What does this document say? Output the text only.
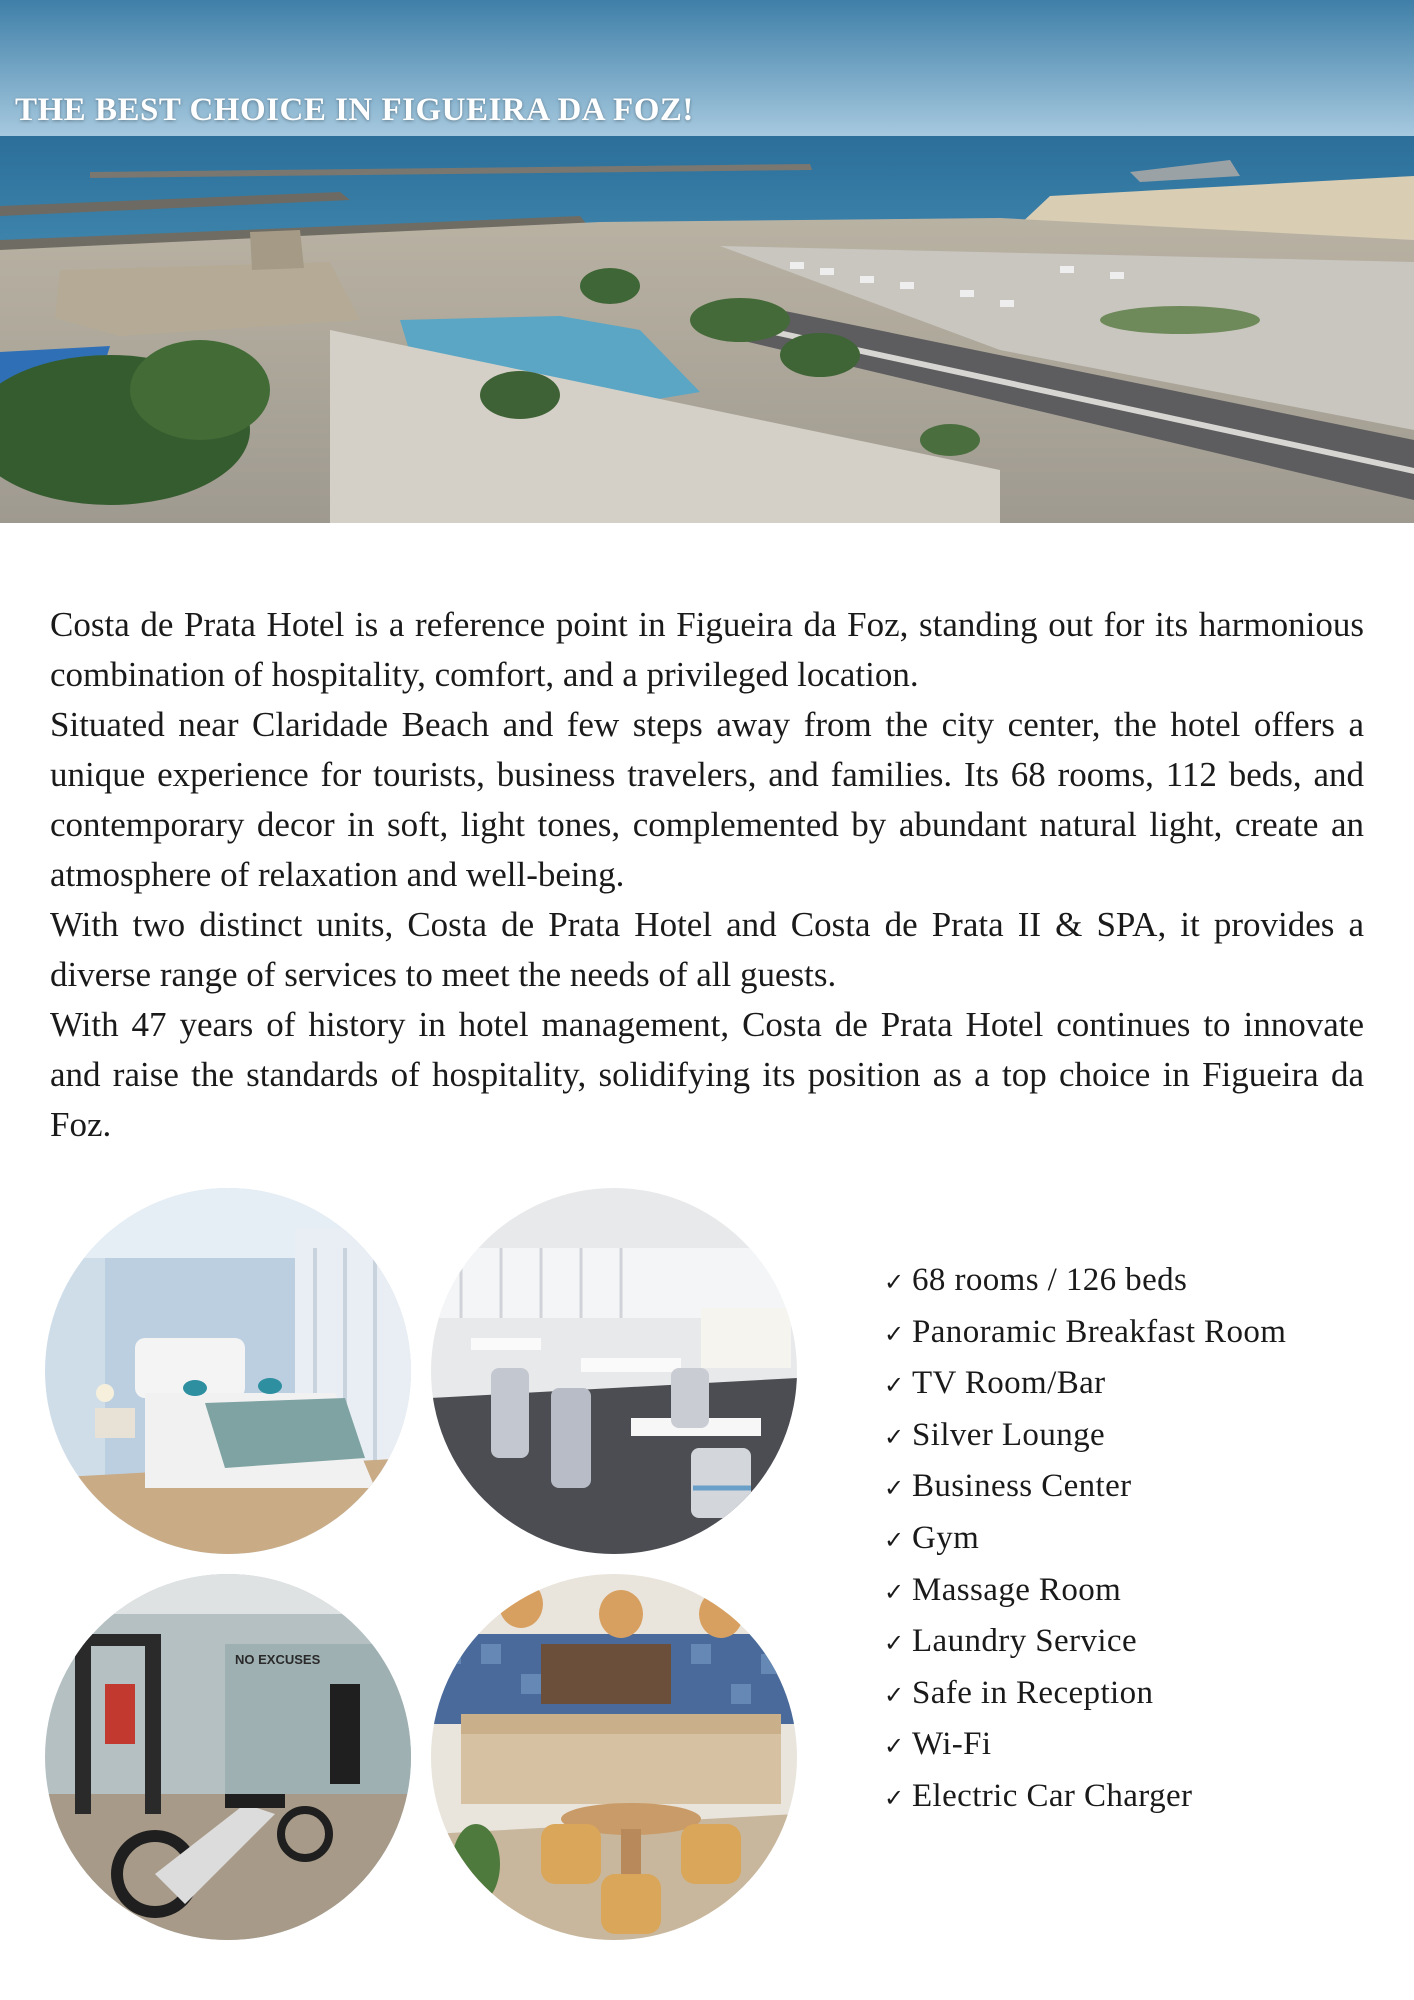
THE BEST CHOICE IN FIGUEIRA DA FOZ!

Costa de Prata Hotel is a reference point in Figueira da Foz, standing out for its harmonious combination of hospitality, comfort, and a privileged location.

Situated near Claridade Beach and few steps away from the city center, the hotel offers a unique experience for tourists, business travelers, and families. Its 68 rooms, 112 beds, and contemporary decor in soft, light tones, complemented by abundant natural light, create an atmosphere of relaxation and well-being.

With two distinct units, Costa de Prata Hotel and Costa de Prata II & SPA, it provides a diverse range of services to meet the needs of all guests.

With 47 years of history in hotel management, Costa de Prata Hotel continues to innovate and raise the standards of hospitality, solidifying its position as a top choice in Figueira da Foz.

NO EXCUSES
✓ 68 rooms / 126 beds
✓ Panoramic Breakfast Room
✓ TV Room/Bar
✓ Silver Lounge
✓ Business Center
✓ Gym
✓ Massage Room
✓ Laundry Service
✓ Safe in Reception
✓ Wi-Fi
✓ Electric Car Charger
